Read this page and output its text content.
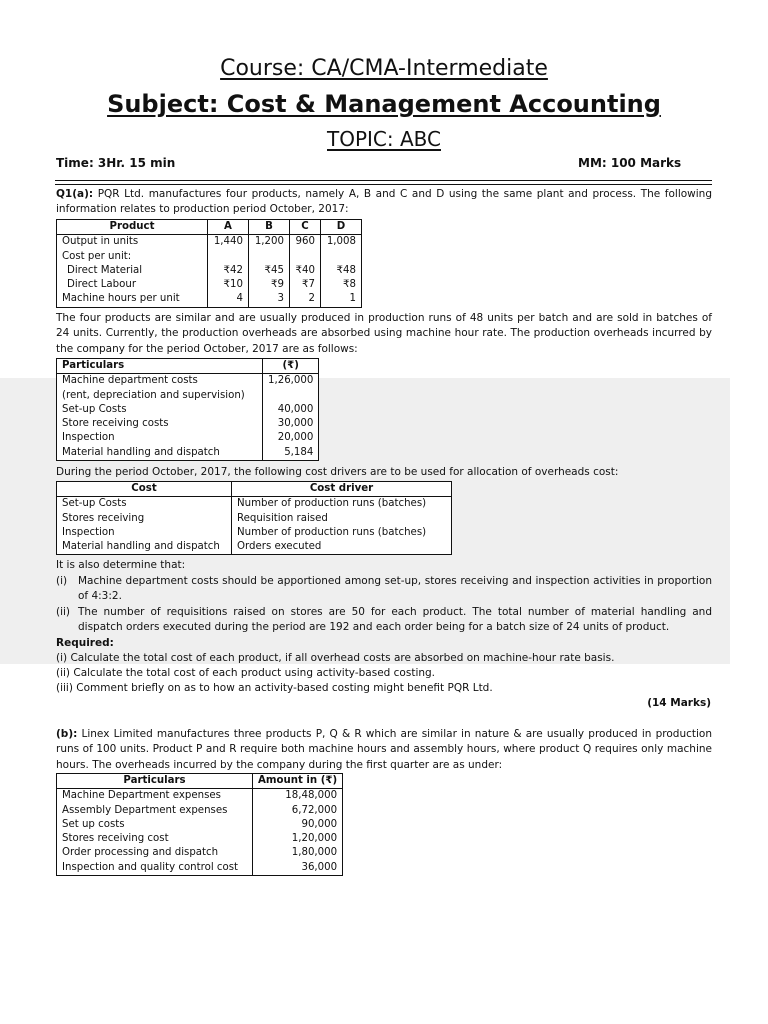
Course: CA/CMA-Intermediate
Subject: Cost & Management Accounting
TOPIC: ABC
Time: 3Hr. 15 min	MM: 100 Marks
Q1(a): PQR Ltd. manufactures four products, namely A, B and C and D using the same plant and process. The following information relates to production period October, 2017:
Product	A	B	C	D
Output in units	1,440	1,200	960	1,008
Cost per unit:				
Direct Material	₹42	₹45	₹40	₹48
Direct Labour	₹10	₹9	₹7	₹8
Machine hours per unit	4	3	2	1
The four products are similar and are usually produced in production runs of 48 units per batch and are sold in batches of 24 units. Currently, the production overheads are absorbed using machine hour rate. The production overheads incurred by the company for the period October, 2017 are as follows:
Particulars	(₹)
Machine department costs	1,26,000
(rent, depreciation and supervision)	
Set-up Costs	40,000
Store receiving costs	30,000
Inspection	20,000
Material handling and dispatch	5,184
During the period October, 2017, the following cost drivers are to be used for allocation of overheads cost:
Cost	Cost driver
Set-up Costs	Number of production runs (batches)
Stores receiving	Requisition raised
Inspection	Number of production runs (batches)
Material handling and dispatch	Orders executed
It is also determine that:
(i) Machine department costs should be apportioned among set-up, stores receiving and inspection activities in proportion of 4:3:2.
(ii) The number of requisitions raised on stores are 50 for each product. The total number of material handling and dispatch orders executed during the period are 192 and each order being for a batch size of 24 units of product.
Required:
(i) Calculate the total cost of each product, if all overhead costs are absorbed on machine-hour rate basis.
(ii) Calculate the total cost of each product using activity-based costing.
(iii) Comment briefly on as to how an activity-based costing might benefit PQR Ltd.
(14 Marks)
(b): Linex Limited manufactures three products P, Q & R which are similar in nature & are usually produced in production runs of 100 units. Product P and R require both machine hours and assembly hours, where product Q requires only machine hours. The overheads incurred by the company during the first quarter are as under:
Particulars	Amount in (₹)
Machine Department expenses	18,48,000
Assembly Department expenses	6,72,000
Set up costs	90,000
Stores receiving cost	1,20,000
Order processing and dispatch	1,80,000
Inspection and quality control cost	36,000
